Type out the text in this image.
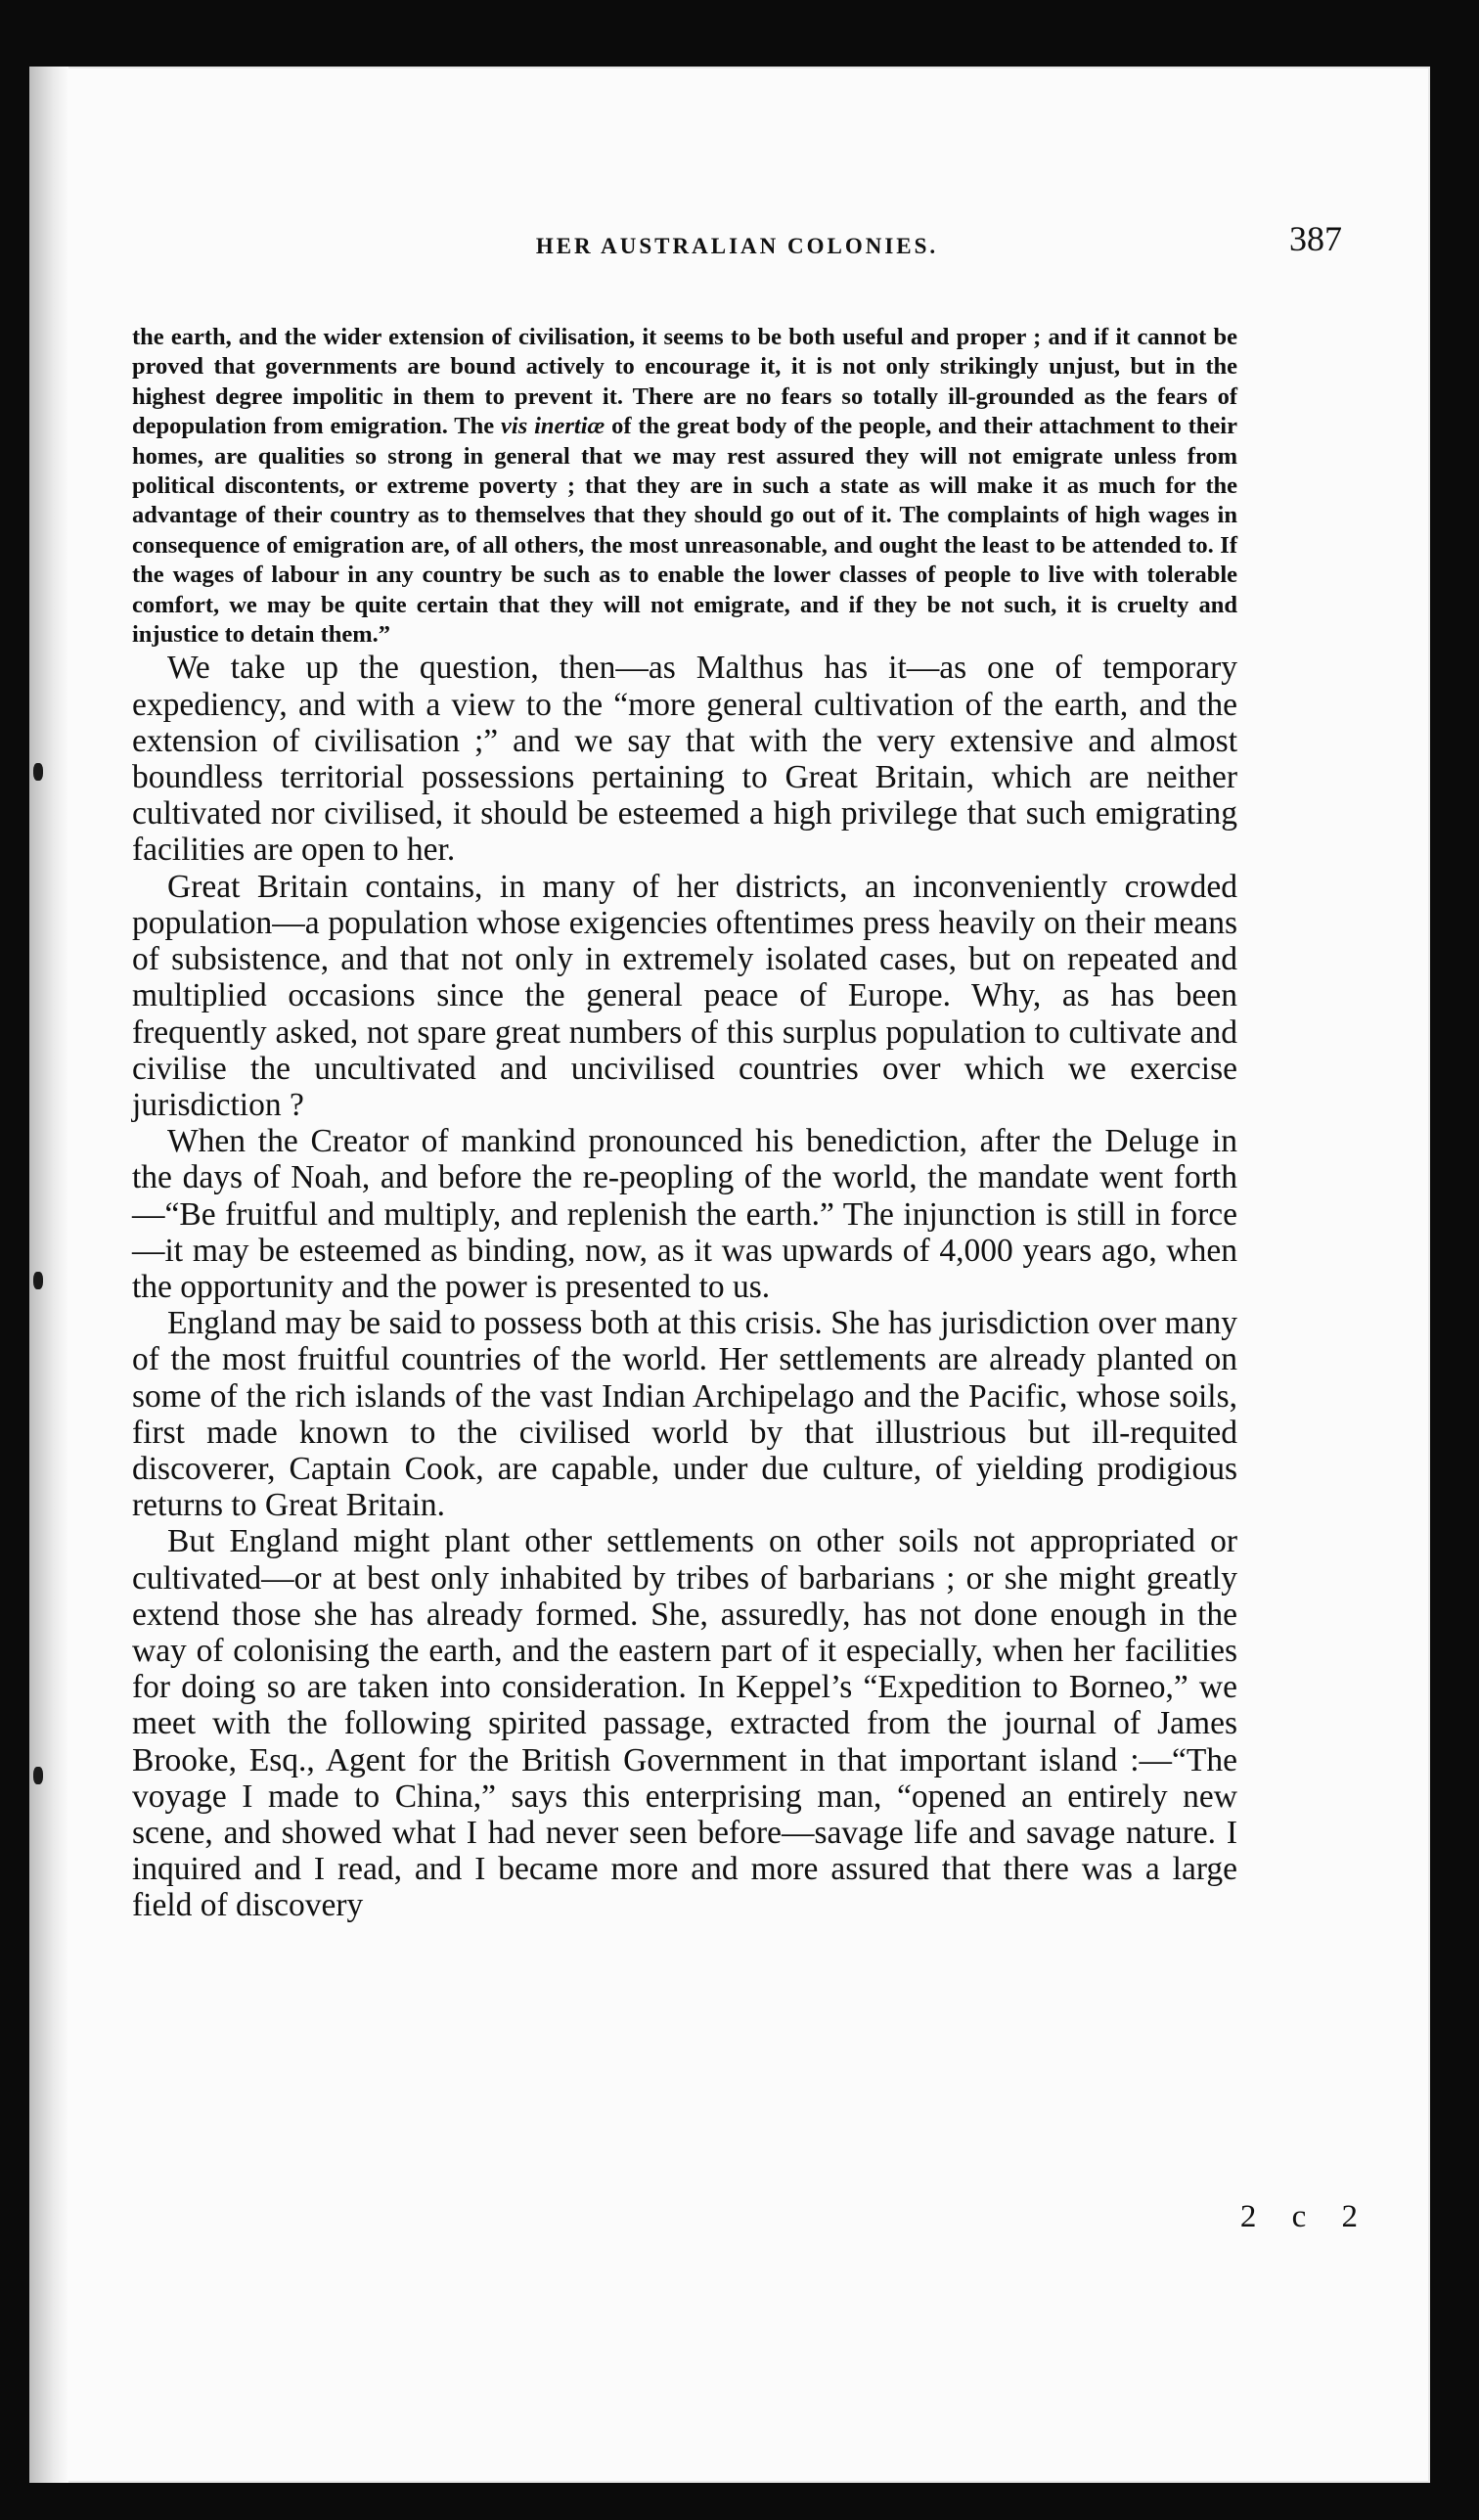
HER AUSTRALIAN COLONIES.	387

the earth, and the wider extension of civilisation, it seems to be both useful and proper ; and if it cannot be proved that governments are bound actively to encourage it, it is not only strikingly unjust, but in the highest degree impolitic in them to prevent it. There are no fears so totally ill-grounded as the fears of depopulation from emigration. The vis inertiæ of the great body of the people, and their attachment to their homes, are qualities so strong in general that we may rest assured they will not emigrate unless from political discontents, or extreme poverty ; that they are in such a state as will make it as much for the advantage of their country as to themselves that they should go out of it. The complaints of high wages in consequence of emigration are, of all others, the most unreasonable, and ought the least to be attended to. If the wages of labour in any country be such as to enable the lower classes of people to live with tolerable comfort, we may be quite certain that they will not emigrate, and if they be not such, it is cruelty and injustice to detain them.”

We take up the question, then—as Malthus has it—as one of temporary expediency, and with a view to the “more general cultivation of the earth, and the extension of civilisation ;” and we say that with the very extensive and almost boundless territorial possessions pertaining to Great Britain, which are neither cultivated nor civilised, it should be esteemed a high privilege that such emigrating facilities are open to her.

Great Britain contains, in many of her districts, an inconveniently crowded population—a population whose exigencies oftentimes press heavily on their means of subsistence, and that not only in extremely isolated cases, but on repeated and multiplied occasions since the general peace of Europe. Why, as has been frequently asked, not spare great numbers of this surplus population to cultivate and civilise the uncultivated and uncivilised countries over which we exercise jurisdiction ?

When the Creator of mankind pronounced his benediction, after the Deluge in the days of Noah, and before the re-peopling of the world, the mandate went forth—“Be fruitful and multiply, and replenish the earth.” The injunction is still in force—it may be esteemed as binding, now, as it was upwards of 4,000 years ago, when the opportunity and the power is presented to us.

England may be said to possess both at this crisis. She has jurisdiction over many of the most fruitful countries of the world. Her settlements are already planted on some of the rich islands of the vast Indian Archipelago and the Pacific, whose soils, first made known to the civilised world by that illustrious but ill-requited discoverer, Captain Cook, are capable, under due culture, of yielding prodigious returns to Great Britain.

But England might plant other settlements on other soils not appropriated or cultivated—or at best only inhabited by tribes of barbarians ; or she might greatly extend those she has already formed. She, assuredly, has not done enough in the way of colonising the earth, and the eastern part of it especially, when her facilities for doing so are taken into consideration. In Keppel’s “Expedition to Borneo,” we meet with the following spirited passage, extracted from the journal of James Brooke, Esq., Agent for the British Government in that important island :—“The voyage I made to China,” says this enterprising man, “opened an entirely new scene, and showed what I had never seen before—savage life and savage nature. I inquired and I read, and I became more and more assured that there was a large field of discovery

2 c 2
